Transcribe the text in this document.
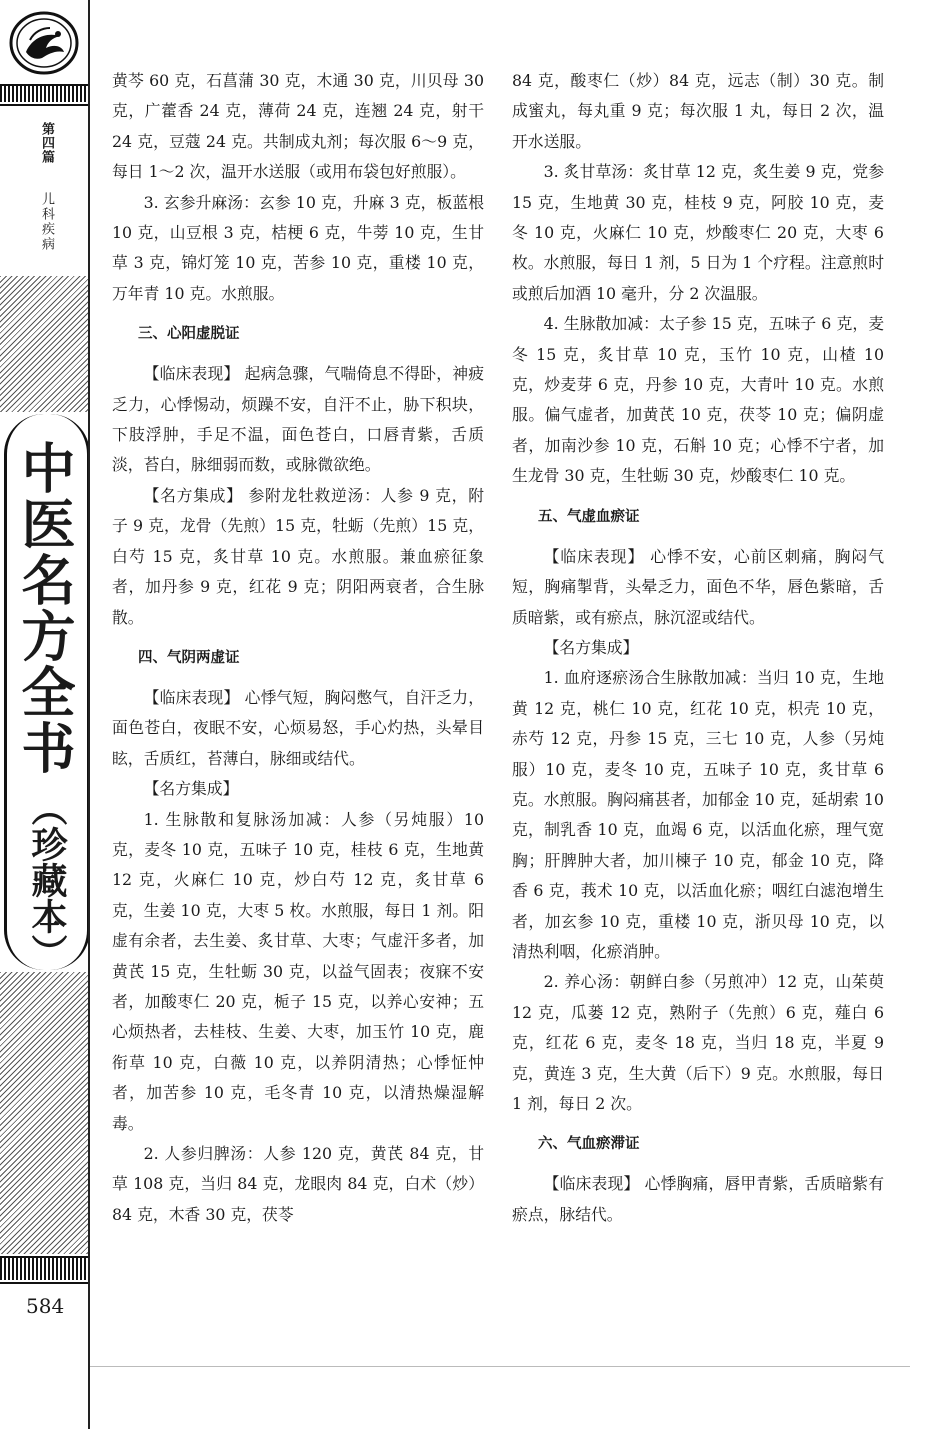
第四篇
儿科疾病
中医名方全书
（珍藏本）
584

黄芩 60 克，石菖蒲 30 克，木通 30 克，川贝母 30 克，广藿香 24 克，薄荷 24 克，连翘 24 克，射干 24 克，豆蔻 24 克。共制成丸剂；每次服 6～9 克，每日 1～2 次，温开水送服（或用布袋包好煎服）。

3. 玄参升麻汤：玄参 10 克，升麻 3 克，板蓝根 10 克，山豆根 3 克，桔梗 6 克，牛蒡 10 克，生甘草 3 克，锦灯笼 10 克，苦参 10 克，重楼 10 克，万年青 10 克。水煎服。

三、心阳虚脱证

【临床表现】 起病急骤，气喘倚息不得卧，神疲乏力，心悸惕动，烦躁不安，自汗不止，胁下积块，下肢浮肿，手足不温，面色苍白，口唇青紫，舌质淡，苔白，脉细弱而数，或脉微欲绝。

【名方集成】 参附龙牡救逆汤：人参 9 克，附子 9 克，龙骨（先煎）15 克，牡蛎（先煎）15 克，白芍 15 克，炙甘草 10 克。水煎服。兼血瘀征象者，加丹参 9 克，红花 9 克；阴阳两衰者，合生脉散。

四、气阴两虚证

【临床表现】 心悸气短，胸闷憋气，自汗乏力，面色苍白，夜眠不安，心烦易怒，手心灼热，头晕目眩，舌质红，苔薄白，脉细或结代。

【名方集成】

1. 生脉散和复脉汤加减：人参（另炖服）10 克，麦冬 10 克，五味子 10 克，桂枝 6 克，生地黄 12 克，火麻仁 10 克，炒白芍 12 克，炙甘草 6 克，生姜 10 克，大枣 5 枚。水煎服，每日 1 剂。阳虚有余者，去生姜、炙甘草、大枣；气虚汗多者，加黄芪 15 克，生牡蛎 30 克，以益气固表；夜寐不安者，加酸枣仁 20 克，栀子 15 克，以养心安神；五心烦热者，去桂枝、生姜、大枣，加玉竹 10 克，鹿衔草 10 克，白薇 10 克，以养阴清热；心悸怔忡者，加苦参 10 克，毛冬青 10 克，以清热燥湿解毒。

2. 人参归脾汤：人参 120 克，黄芪 84 克，甘草 108 克，当归 84 克，龙眼肉 84 克，白术（炒）84 克，木香 30 克，茯苓

84 克，酸枣仁（炒）84 克，远志（制）30 克。制成蜜丸，每丸重 9 克；每次服 1 丸，每日 2 次，温开水送服。

3. 炙甘草汤：炙甘草 12 克，炙生姜 9 克，党参 15 克，生地黄 30 克，桂枝 9 克，阿胶 10 克，麦冬 10 克，火麻仁 10 克，炒酸枣仁 20 克，大枣 6 枚。水煎服，每日 1 剂，5 日为 1 个疗程。注意煎时或煎后加酒 10 毫升，分 2 次温服。

4. 生脉散加减：太子参 15 克，五味子 6 克，麦冬 15 克，炙甘草 10 克，玉竹 10 克，山楂 10 克，炒麦芽 6 克，丹参 10 克，大青叶 10 克。水煎服。偏气虚者，加黄芪 10 克，茯苓 10 克；偏阴虚者，加南沙参 10 克，石斛 10 克；心悸不宁者，加生龙骨 30 克，生牡蛎 30 克，炒酸枣仁 10 克。

五、气虚血瘀证

【临床表现】 心悸不安，心前区刺痛，胸闷气短，胸痛掣背，头晕乏力，面色不华，唇色紫暗，舌质暗紫，或有瘀点，脉沉涩或结代。

【名方集成】

1. 血府逐瘀汤合生脉散加减：当归 10 克，生地黄 12 克，桃仁 10 克，红花 10 克，枳壳 10 克，赤芍 12 克，丹参 15 克，三七 10 克，人参（另炖服）10 克，麦冬 10 克，五味子 10 克，炙甘草 6 克。水煎服。胸闷痛甚者，加郁金 10 克，延胡索 10 克，制乳香 10 克，血竭 6 克，以活血化瘀，理气宽胸；肝脾肿大者，加川楝子 10 克，郁金 10 克，降香 6 克，莪术 10 克，以活血化瘀；咽红白滤泡增生者，加玄参 10 克，重楼 10 克，浙贝母 10 克，以清热利咽，化瘀消肿。

2. 养心汤：朝鲜白参（另煎冲）12 克，山茱萸 12 克，瓜蒌 12 克，熟附子（先煎）6 克，薤白 6 克，红花 6 克，麦冬 18 克，当归 18 克，半夏 9 克，黄连 3 克，生大黄（后下）9 克。水煎服，每日 1 剂，每日 2 次。

六、气血瘀滞证

【临床表现】 心悸胸痛，唇甲青紫，舌质暗紫有瘀点，脉结代。
